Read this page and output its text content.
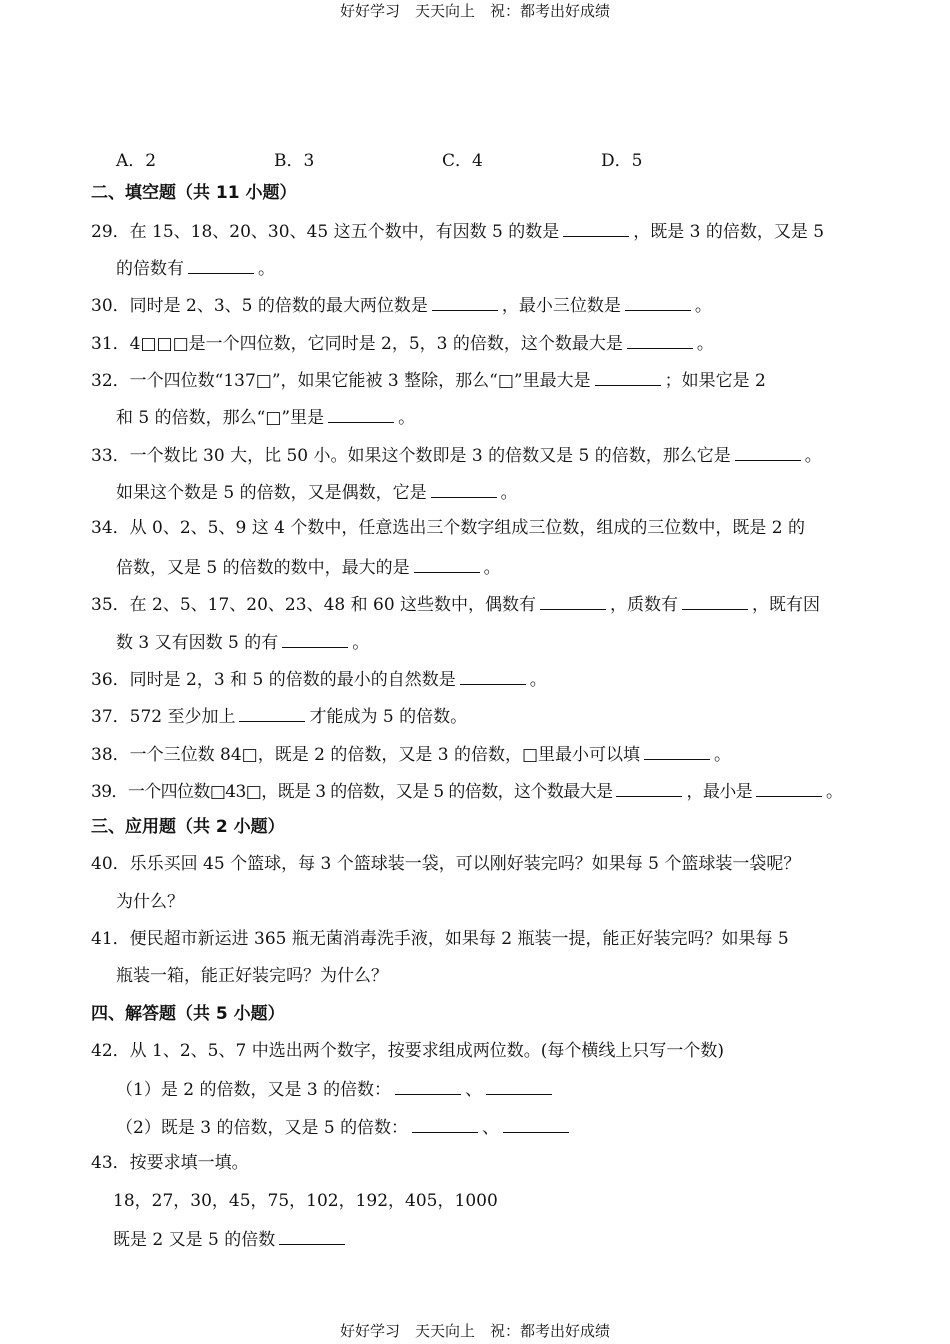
好好学习　天天向上　祝：都考出好成绩
A．2	B．3	C．4	D．5
二、填空题（共 11 小题）
29．在 15、18、20、30、45 这五个数中，有因数 5 的数是	，既是 3 的倍数，又是 5
的倍数有	。
30．同时是 2、3、5 的倍数的最大两位数是	，最小三位数是	。
31．4□□□是一个四位数，它同时是 2，5，3 的倍数，这个数最大是	。
32．一个四位数“137□”，如果它能被 3 整除，那么“□”里最大是	；如果它是 2
和 5 的倍数，那么“□”里是	。
33．一个数比 30 大，比 50 小。如果这个数即是 3 的倍数又是 5 的倍数，那么它是	。
如果这个数是 5 的倍数，又是偶数，它是	。
34．从 0、2、5、9 这 4 个数中，任意选出三个数字组成三位数，组成的三位数中，既是 2 的
倍数，又是 5 的倍数的数中，最大的是	。
35．在 2、5、17、20、23、48 和 60 这些数中，偶数有	，质数有	，既有因
数 3 又有因数 5 的有	。
36．同时是 2，3 和 5 的倍数的最小的自然数是	。
37．572 至少加上	才能成为 5 的倍数。
38．一个三位数 84□，既是 2 的倍数，又是 3 的倍数，□里最小可以填	。
39．一个四位数□43□，既是 3 的倍数，又是 5 的倍数，这个数最大是	，最小是	。
三、应用题（共 2 小题）
40．乐乐买回 45 个篮球，每 3 个篮球装一袋，可以刚好装完吗？如果每 5 个篮球装一袋呢？
为什么？
41．便民超市新运进 365 瓶无菌消毒洗手液，如果每 2 瓶装一提，能正好装完吗？如果每 5
瓶装一箱，能正好装完吗？为什么？
四、解答题（共 5 小题）
42．从 1、2、5、7 中选出两个数字，按要求组成两位数。(每个横线上只写一个数)
（1）是 2 的倍数，又是 3 的倍数：	、
（2）既是 3 的倍数，又是 5 的倍数：	、
43．按要求填一填。
18，27，30，45，75，102，192，405，1000
既是 2 又是 5 的倍数
好好学习　天天向上　祝：都考出好成绩
